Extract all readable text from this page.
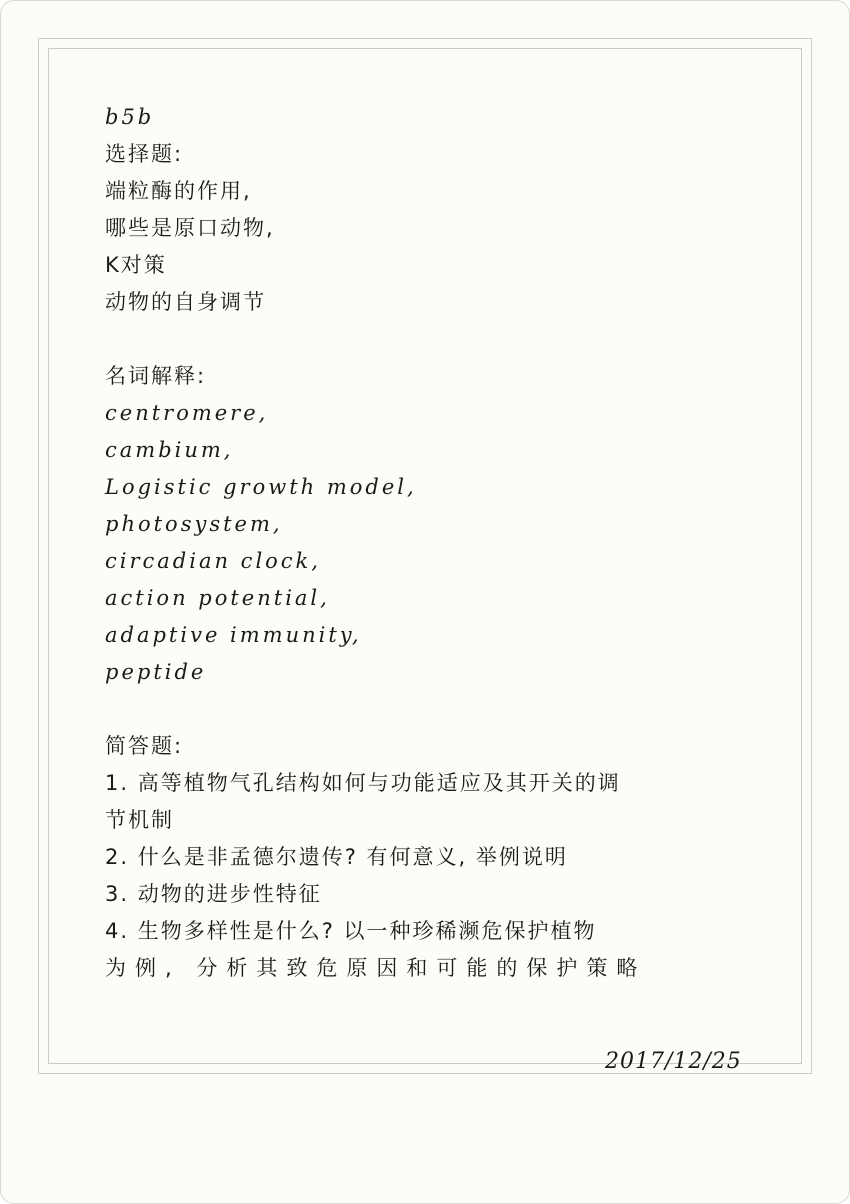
b5b
选择题:
端粒酶的作用,
哪些是原口动物,
K对策
动物的自身调节
名词解释:
centromere,
cambium,
Logistic growth model,
photosystem,
circadian clock,
action potential,
adaptive immunity,
peptide
简答题:
1. 高等植物气孔结构如何与功能适应及其开关的调
节机制
2. 什么是非孟德尔遗传? 有何意义, 举例说明
3. 动物的进步性特征
4. 生物多样性是什么? 以一种珍稀濒危保护植物
为例, 分析其致危原因和可能的保护策略
2017/12/25
